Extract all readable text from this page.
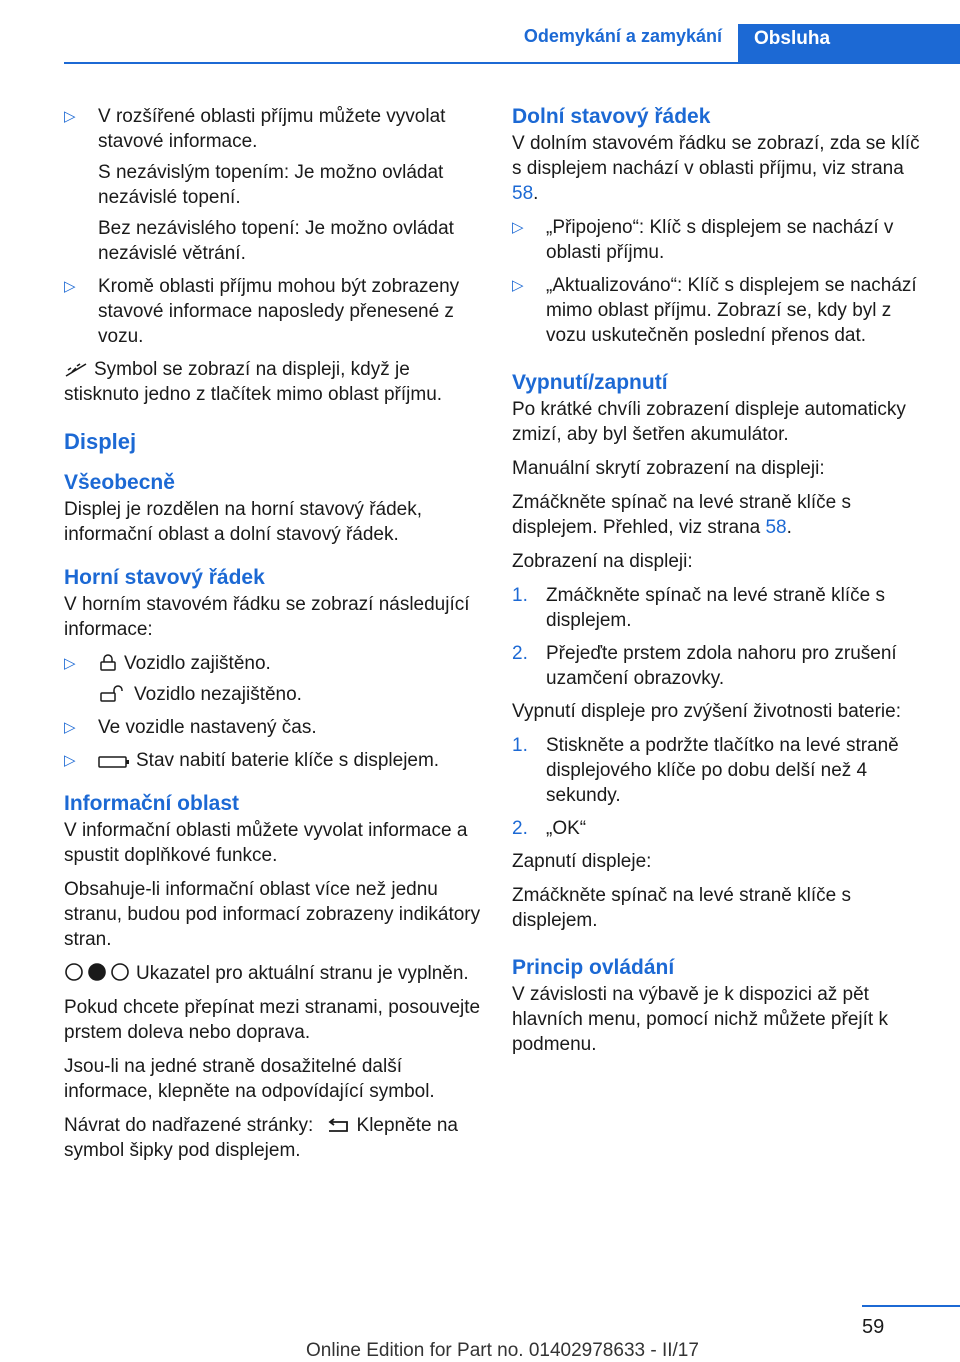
Odemykání a zamykání	Obsluha
▷ V rozšířené oblasti příjmu můžete vyvolat stavové informace.

S nezávislým topením: Je možno ovládat nezávislé topení.

Bez nezávislého topení: Je možno ovládat nezávislé větrání.

▷ Kromě oblasti příjmu mohou být zobrazeny stavové informace naposledy přenesené z vozu.

Symbol se zobrazí na displeji, když je stisknuto jedno z tlačítek mimo oblast příjmu.

Displej
Všeobecně

Displej je rozdělen na horní stavový řádek, informační oblast a dolní stavový řádek.

Horní stavový řádek

V horním stavovém řádku se zobrazí následující informace:

▷	Vozidlo zajištěno.

Vozidlo nezajištěno.

▷ Ve vozidle nastavený čas.

▷	Stav nabití baterie klíče s displejem.

Informační oblast

V informační oblasti můžete vyvolat informace a spustit doplňkové funkce.

Obsahuje-li informační oblast více než jednu stranu, budou pod informací zobrazeny indikátory stran.

Ukazatel pro aktuální stranu je vyplněn.

Pokud chcete přepínat mezi stranami, posouvejte prstem doleva nebo doprava.

Jsou-li na jedné straně dosažitelné další informace, klepněte na odpovídající symbol.

Návrat do nadřazené stránky: Klepněte na symbol šipky pod displejem.

Dolní stavový řádek

V dolním stavovém řádku se zobrazí, zda se klíč s displejem nachází v oblasti příjmu, viz strana 58.

▷ „Připojeno“: Klíč s displejem se nachází v oblasti příjmu.

▷ „Aktualizováno“: Klíč s displejem se nachází mimo oblast příjmu. Zobrazí se, kdy byl z vozu uskutečněn poslední přenos dat.

Vypnutí/zapnutí

Po krátké chvíli zobrazení displeje automaticky zmizí, aby byl šetřen akumulátor.

Manuální skrytí zobrazení na displeji:

Zmáčkněte spínač na levé straně klíče s displejem. Přehled, viz strana 58.

Zobrazení na displeji:

1. Zmáčkněte spínač na levé straně klíče s displejem.

2. Přejeďte prstem zdola nahoru pro zrušení uzamčení obrazovky.

Vypnutí displeje pro zvýšení životnosti baterie:

1. Stiskněte a podržte tlačítko na levé straně displejového klíče po dobu delší než 4 sekundy.

2. „OK“

Zapnutí displeje:

Zmáčkněte spínač na levé straně klíče s displejem.

Princip ovládání

V závislosti na výbavě je k dispozici až pět hlavních menu, pomocí nichž můžete přejít k podmenu.

59
Online Edition for Part no. 01402978633 - II/17
